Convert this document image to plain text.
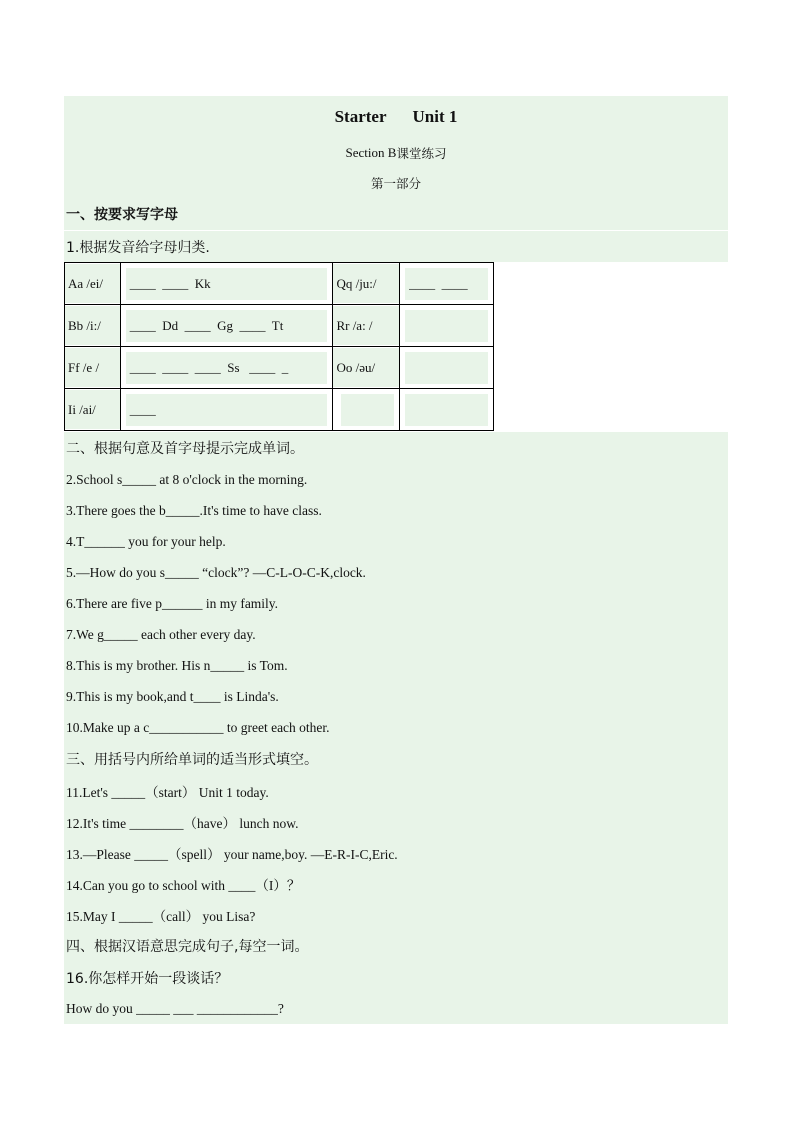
Starter Unit 1
Section B 课堂练习
第一部分
一、按要求写字母
1.根据发音给字母归类.
Aa /ei/	____  ____  Kk	Qq /ju:/	____  ____

Bb /i:/	____  Dd  ____  Gg  ____  Tt	Rr /a: /	

Ff /e /	____  ____  ____  Ss   ____  _	Oo /əu/	

Ii /ai/	____		

二、根据句意及首字母提示完成单词。
2.School s_____ at 8 o'clock in the morning.
3.There goes the b_____.It's time to have class.
4.T______ you for your help.
5.—How do you s_____ “clock”? —C-L-O-C-K,clock.
6.There are five p______ in my family.
7.We g_____ each other every day.
8.This is my brother. His n_____ is Tom.
9.This is my book,and t____ is Linda's.
10.Make up a c___________ to greet each other.
三、用括号内所给单词的适当形式填空。
11.Let's _____（start） Unit 1 today.
12.It's time ________（have） lunch now.
13.—Please _____（spell） your name,boy. —E-R-I-C,Eric.
14.Can you go to school with ____（I）？
15.May I _____（call） you Lisa?
四、根据汉语意思完成句子,每空一词。
16.你怎样开始一段谈话？
How do you _____ ___ ____________?
